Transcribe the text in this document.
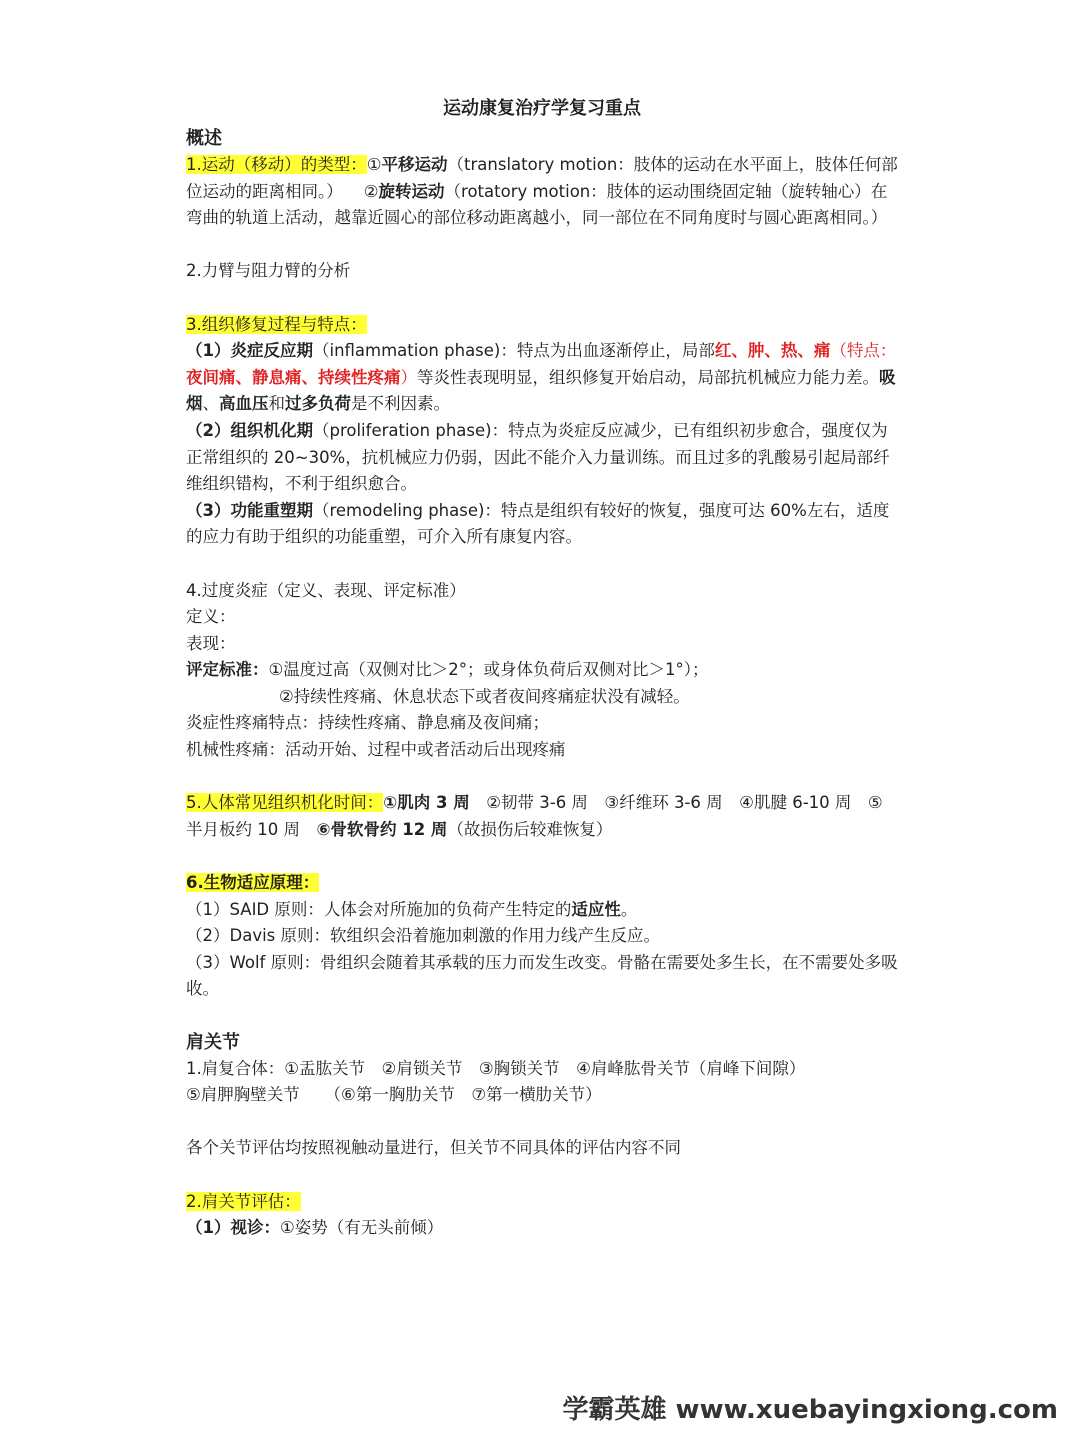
运动康复治疗学复习重点

概述

1.运动（移动）的类型：①平移运动（translatory motion：肢体的运动在水平面上，肢体任何部位运动的距离相同。） ②旋转运动（rotatory motion：肢体的运动围绕固定轴（旋转轴心）在弯曲的轨道上活动，越靠近圆心的部位移动距离越小，同一部位在不同角度时与圆心距离相同。）

2.力臂与阻力臂的分析

3.组织修复过程与特点：

（1）炎症反应期（inflammation phase)：特点为出血逐渐停止，局部红、肿、热、痛（特点：夜间痛、静息痛、持续性疼痛）等炎性表现明显，组织修复开始启动，局部抗机械应力能力差。吸烟、高血压和过多负荷是不利因素。

（2）组织机化期（proliferation phase)：特点为炎症反应减少，已有组织初步愈合，强度仅为正常组织的 20~30%，抗机械应力仍弱，因此不能介入力量训练。而且过多的乳酸易引起局部纤维组织错构，不利于组织愈合。

（3）功能重塑期（remodeling phase)：特点是组织有较好的恢复，强度可达 60%左右，适度的应力有助于组织的功能重塑，可介入所有康复内容。

4.过度炎症（定义、表现、评定标准）

定义：

表现：

评定标准：①温度过高（双侧对比＞2°；或身体负荷后双侧对比＞1°）；

②持续性疼痛、休息状态下或者夜间疼痛症状没有减轻。

炎症性疼痛特点：持续性疼痛、静息痛及夜间痛；

机械性疼痛：活动开始、过程中或者活动后出现疼痛

5.人体常见组织机化时间：①肌肉 3 周　②韧带 3-6 周　③纤维环 3-6 周　④肌腱 6-10 周　⑤半月板约 10 周　⑥骨软骨约 12 周（故损伤后较难恢复）

6.生物适应原理：

（1）SAID 原则：人体会对所施加的负荷产生特定的适应性。

（2）Davis 原则：软组织会沿着施加刺激的作用力线产生反应。

（3）Wolf 原则：骨组织会随着其承载的压力而发生改变。骨骼在需要处多生长，在不需要处多吸收。

肩关节

1.肩复合体：①盂肱关节　②肩锁关节　③胸锁关节　④肩峰肱骨关节（肩峰下间隙）

⑤肩胛胸壁关节　　（⑥第一胸肋关节　⑦第一横肋关节）

各个关节评估均按照视触动量进行，但关节不同具体的评估内容不同

2.肩关节评估：

（1）视诊：①姿势（有无头前倾）

学霸英雄 www.xuebayingxiong.com
